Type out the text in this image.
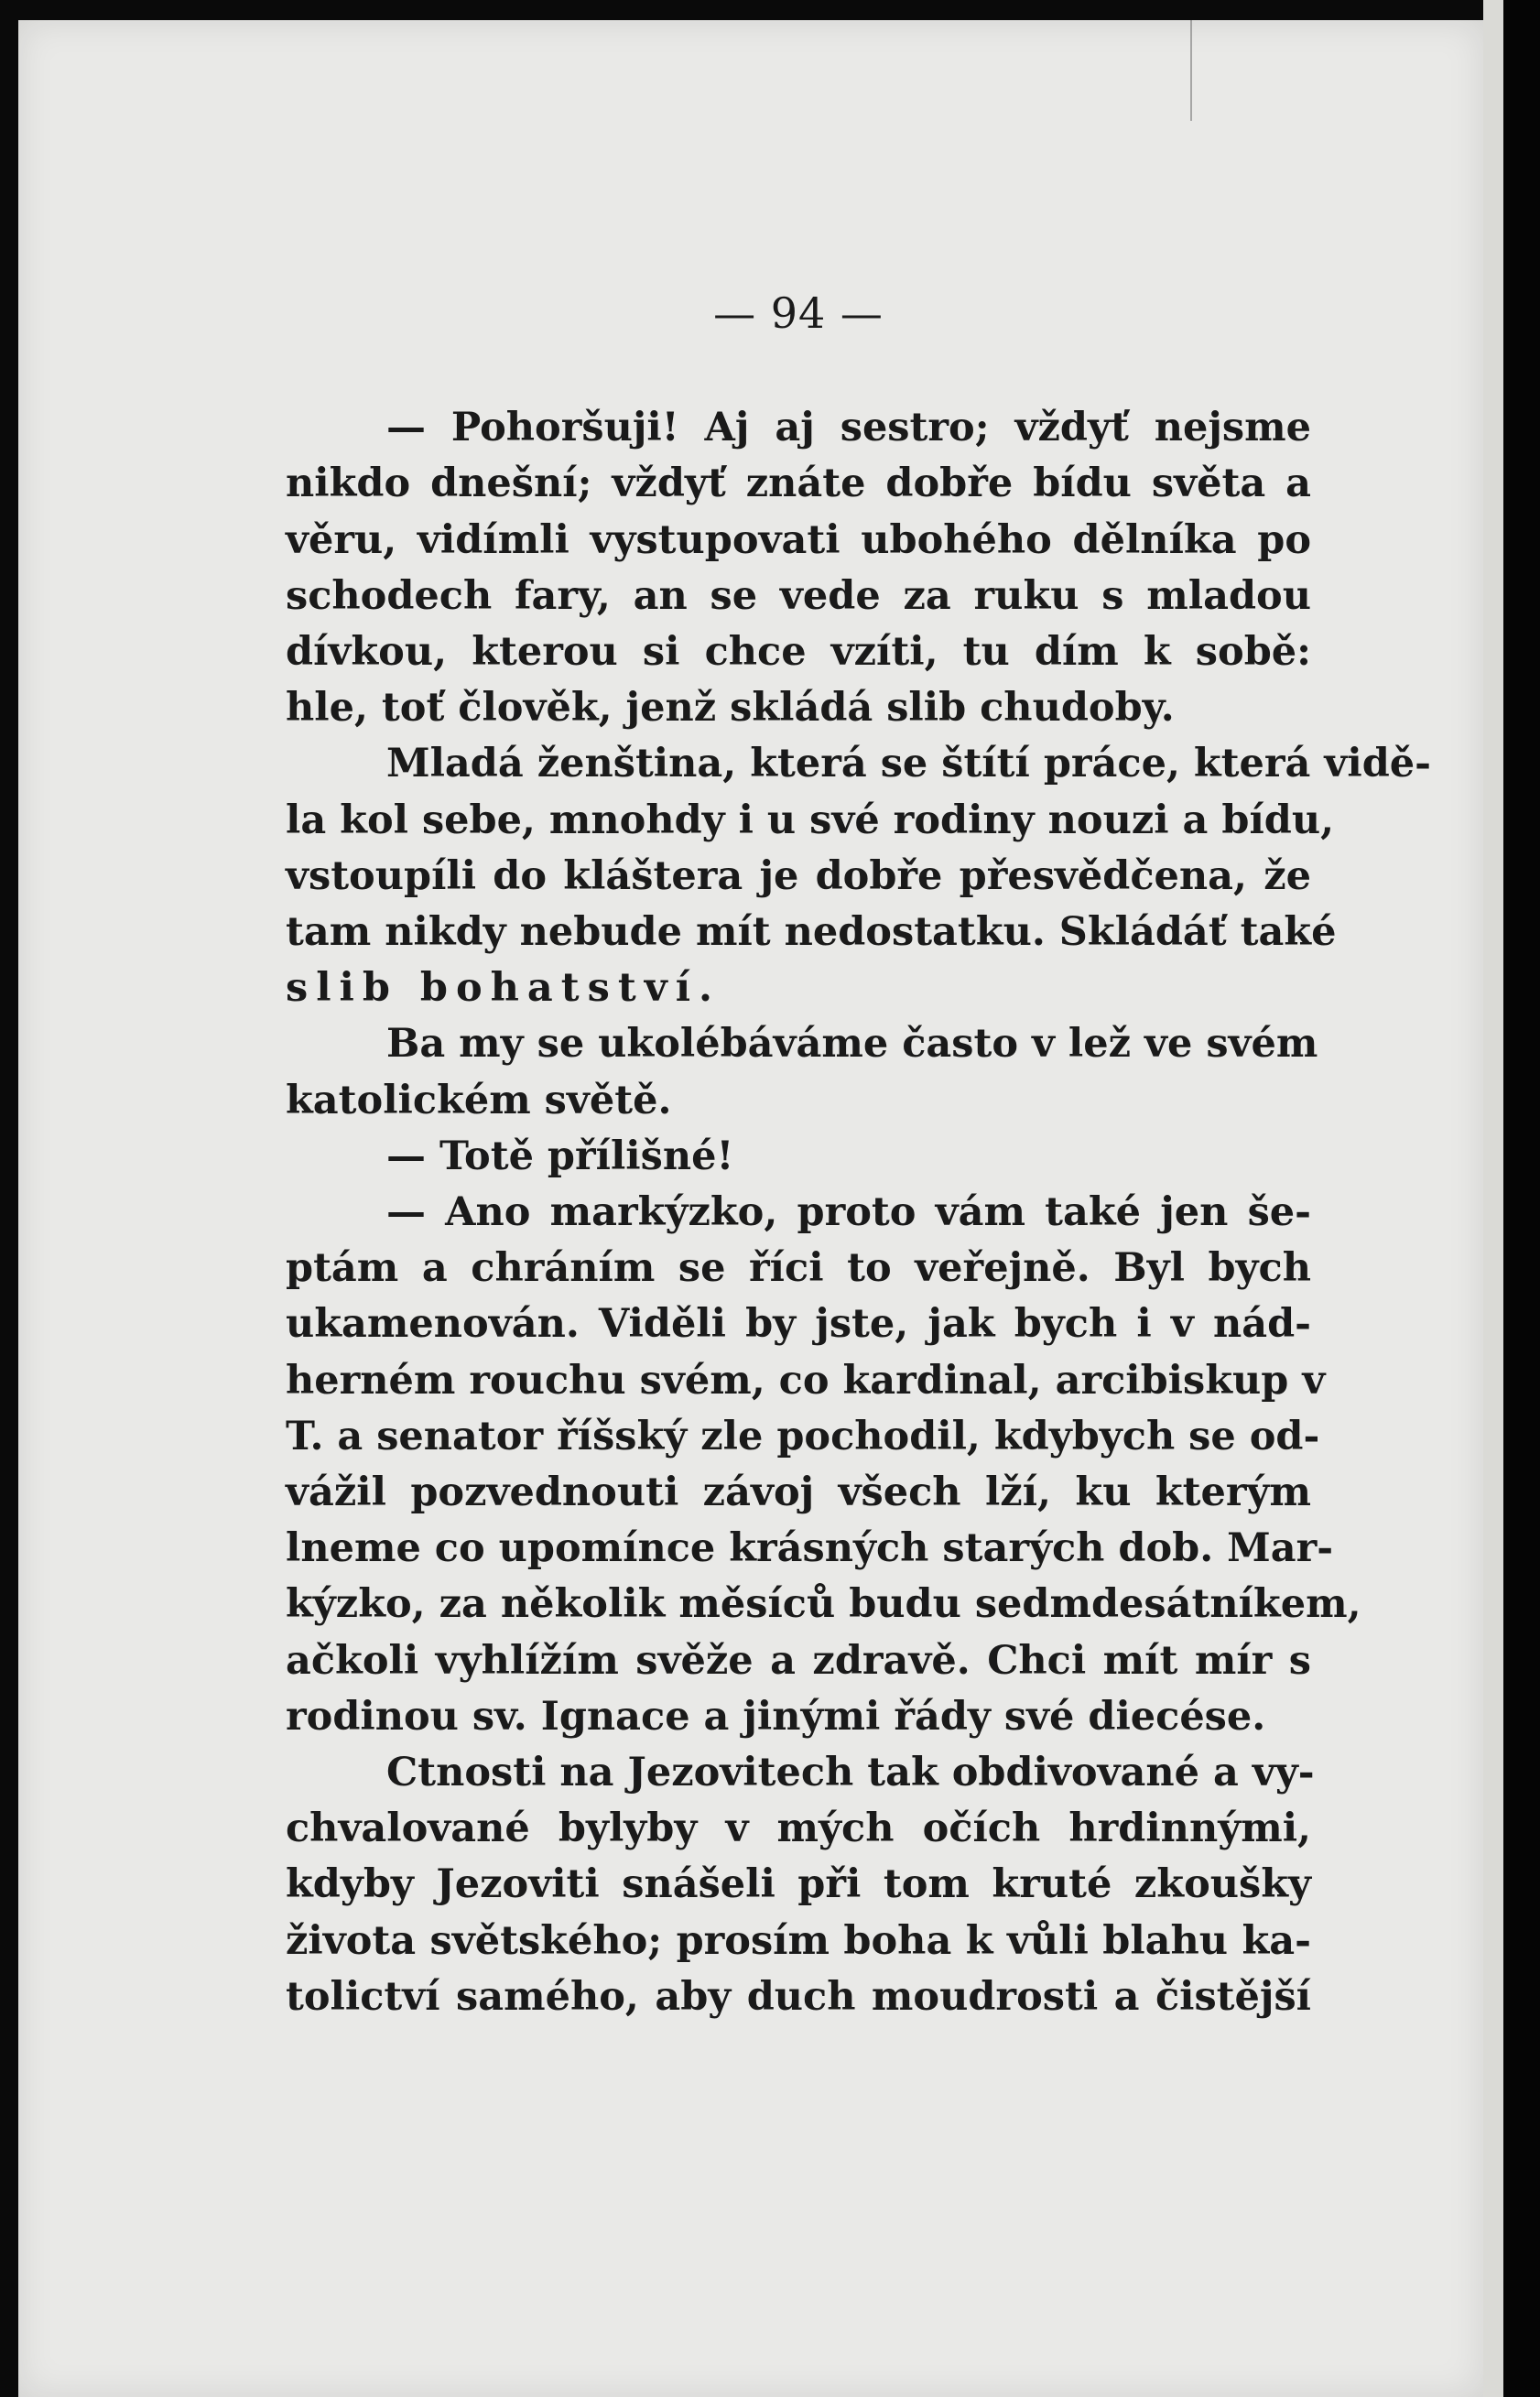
— 94 —
— Pohoršuji! Aj aj sestro; vždyť nejsme
nikdo dnešní; vždyť znáte dobře bídu světa a
věru, vidímli vystupovati ubohého dělníka po
schodech fary, an se vede za ruku s mladou
dívkou, kterou si chce vzíti, tu dím k sobě:
hle, toť člověk, jenž skládá slib chudoby.
Mladá ženština, která se štítí práce, která vidě-
la kol sebe, mnohdy i u své rodiny nouzi a bídu,
vstoupíli do kláštera je dobře přesvědčena, že
tam nikdy nebude mít nedostatku. Skládáť také
slib bohatství.
Ba my se ukolébáváme často v lež ve svém
katolickém světě.
— Totě přílišné!
— Ano markýzko, proto vám také jen še-
ptám a chráním se říci to veřejně. Byl bych
ukamenován. Viděli by jste, jak bych i v nád-
herném rouchu svém, co kardinal, arcibiskup v
T. a senator říšský zle pochodil, kdybych se od-
vážil pozvednouti závoj všech lží, ku kterým
lneme co upomínce krásných starých dob. Mar-
kýzko, za několik měsíců budu sedmdesátníkem,
ačkoli vyhlížím svěže a zdravě. Chci mít mír s
rodinou sv. Ignace a jinými řády své diecése.
Ctnosti na Jezovitech tak obdivované a vy-
chvalované bylyby v mých očích hrdinnými,
kdyby Jezoviti snášeli při tom kruté zkoušky
života světského; prosím boha k vůli blahu ka-
tolictví samého, aby duch moudrosti a čistější
